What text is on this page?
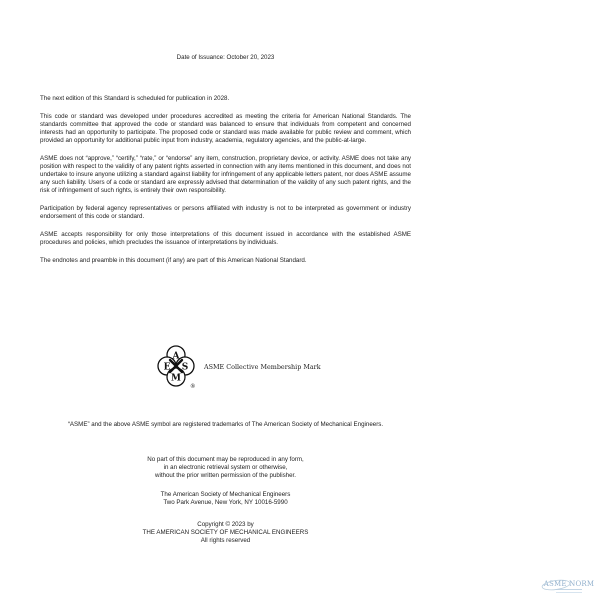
Date of Issuance: October 20, 2023

The next edition of this Standard is scheduled for publication in 2028.

This code or standard was developed under procedures accredited as meeting the criteria for American National Standards. The standards committee that approved the code or standard was balanced to ensure that individuals from competent and concerned interests had an opportunity to participate. The proposed code or standard was made available for public review and comment, which provided an opportunity for additional public input from industry, academia, regulatory agencies, and the public-at-large.

ASME does not “approve,” “certify,” “rate,” or “endorse” any item, construction, proprietary device, or activity. ASME does not take any position with respect to the validity of any patent rights asserted in connection with any items mentioned in this document, and does not undertake to insure anyone utilizing a standard against liability for infringement of any applicable letters patent, nor does ASME assume any such liability. Users of a code or standard are expressly advised that determination of the validity of any such patent rights, and the risk of infringement of such rights, is entirely their own responsibility.

Participation by federal agency representatives or persons affiliated with industry is not to be interpreted as government or industry endorsement of this code or standard.

ASME accepts responsibility for only those interpretations of this document issued in accordance with the established ASME procedures and policies, which precludes the issuance of interpretations by individuals.

The endnotes and preamble in this document (if any) are part of this American National Standard.

A
E S
M
®
ASME Collective Membership Mark
“ASME” and the above ASME symbol are registered trademarks of The American Society of Mechanical Engineers.
No part of this document may be reproduced in any form,
in an electronic retrieval system or otherwise,
without the prior written permission of the publisher.
The American Society of Mechanical Engineers
Two Park Avenue, New York, NY 10016-5990
Copyright © 2023 by
THE AMERICAN SOCIETY OF MECHANICAL ENGINEERS
All rights reserved
ASME NORM
